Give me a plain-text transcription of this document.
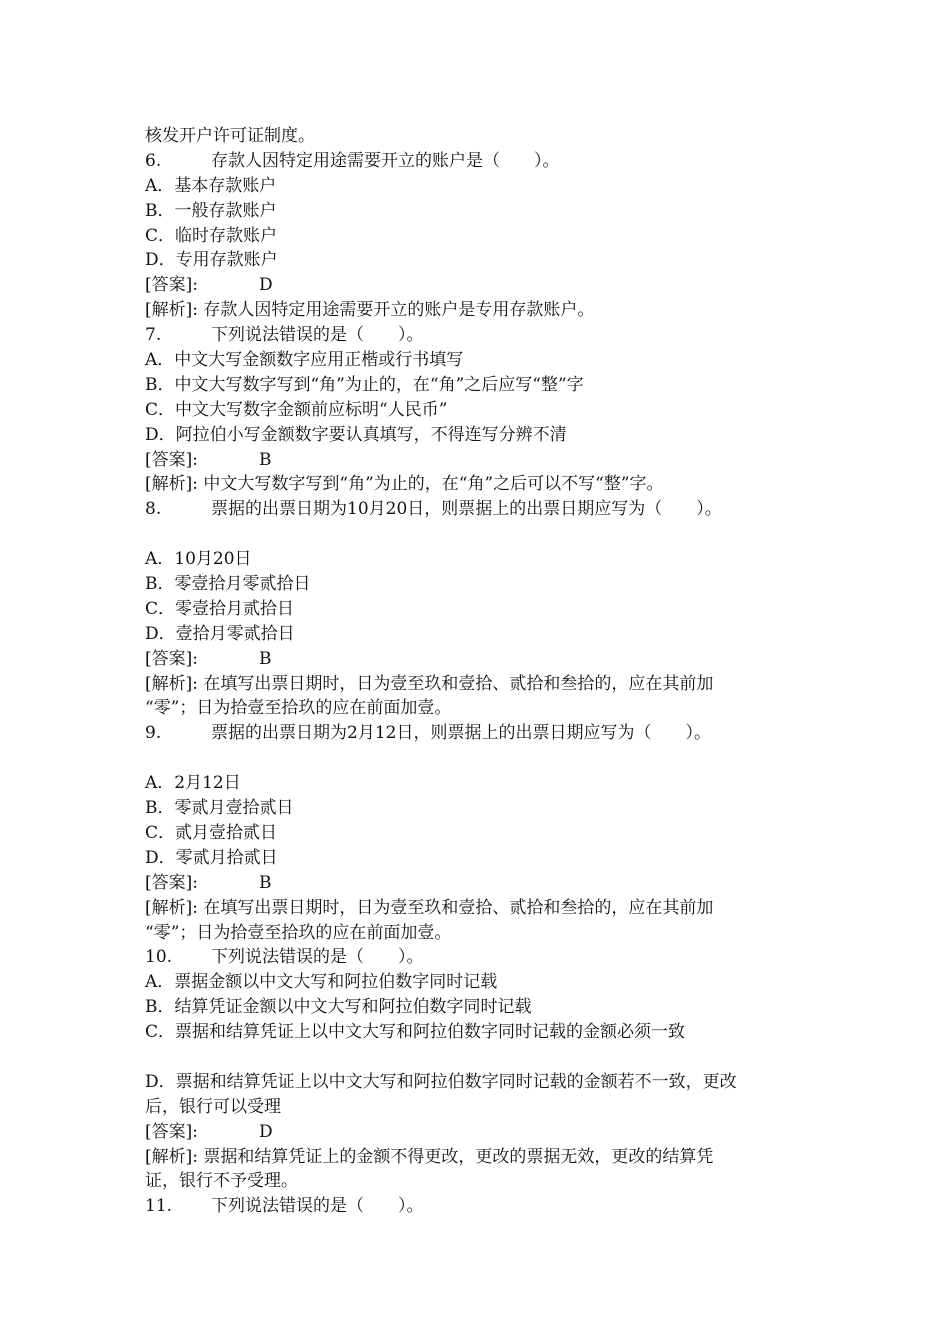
核发开户许可证制度。
6.	存款人因特定用途需要开立的账户是（　　）。
A．基本存款账户
B．一般存款账户
C．临时存款账户
D．专用存款账户
[答案]:	D
[解析]: 存款人因特定用途需要开立的账户是专用存款账户。
7.	下列说法错误的是（　　）。
A．中文大写金额数字应用正楷或行书填写
B．中文大写数字写到“角”为止的，在“角”之后应写“整”字
C．中文大写数字金额前应标明“人民币”
D．阿拉伯小写金额数字要认真填写，不得连写分辨不清
[答案]:	B
[解析]: 中文大写数字写到“角”为止的，在“角”之后可以不写“整”字。
8.	票据的出票日期为10月20日，则票据上的出票日期应写为（　　）。
A．10月20日
B．零壹拾月零贰拾日
C．零壹拾月贰拾日
D．壹拾月零贰拾日
[答案]:	B
[解析]: 在填写出票日期时，日为壹至玖和壹拾、贰拾和叁拾的，应在其前加
“零”；日为拾壹至拾玖的应在前面加壹。
9.	票据的出票日期为2月12日，则票据上的出票日期应写为（　　）。
A．2月12日
B．零贰月壹拾贰日
C．贰月壹拾贰日
D．零贰月拾贰日
[答案]:	B
[解析]: 在填写出票日期时，日为壹至玖和壹拾、贰拾和叁拾的，应在其前加
“零”；日为拾壹至拾玖的应在前面加壹。
10. 下列说法错误的是（　　）。
A．票据金额以中文大写和阿拉伯数字同时记载
B．结算凭证金额以中文大写和阿拉伯数字同时记载
C．票据和结算凭证上以中文大写和阿拉伯数字同时记载的金额必须一致
D．票据和结算凭证上以中文大写和阿拉伯数字同时记载的金额若不一致，更改
后，银行可以受理
[答案]:	D
[解析]: 票据和结算凭证上的金额不得更改，更改的票据无效，更改的结算凭
证，银行不予受理。
11. 下列说法错误的是（　　）。
